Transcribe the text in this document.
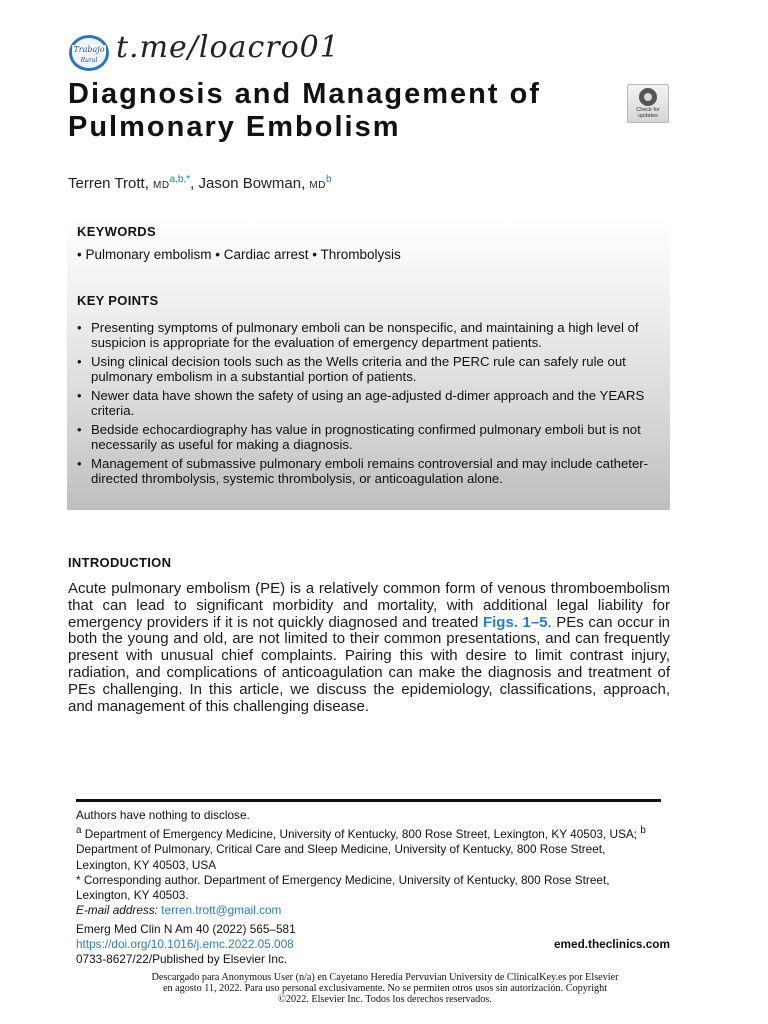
Trabajo
Rural t.me/loacro01
Diagnosis and Management of Pulmonary Embolism
Check for updates
Terren Trott, $MD^{a,b,*}$, Jason Bowman, $MD^b$
KEYWORDS
• Pulmonary embolism • Cardiac arrest • Thrombolysis
KEY POINTS
• Presenting symptoms of pulmonary emboli can be nonspecific, and maintaining a high level of suspicion is appropriate for the evaluation of emergency department patients.
• Using clinical decision tools such as the Wells criteria and the PERC rule can safely rule out pulmonary embolism in a substantial portion of patients.
• Newer data have shown the safety of using an age-adjusted d-dimer approach and the YEARS criteria.
• Bedside echocardiography has value in prognosticating confirmed pulmonary emboli but is not necessarily as useful for making a diagnosis.
• Management of submassive pulmonary emboli remains controversial and may include catheter-directed thrombolysis, systemic thrombolysis, or anticoagulation alone.
INTRODUCTION
Acute pulmonary embolism (PE) is a relatively common form of venous thromboembolism that can lead to significant morbidity and mortality, with additional legal liability for emergency providers if it is not quickly diagnosed and treated Figs. 1–5. PEs can occur in both the young and old, are not limited to their common presentations, and can frequently present with unusual chief complaints. Pairing this with desire to limit contrast injury, radiation, and complications of anticoagulation can make the diagnosis and treatment of PEs challenging. In this article, we discuss the epidemiology, classifications, approach, and management of this challenging disease.

Authors have nothing to disclose.

$^a$ Department of Emergency Medicine, University of Kentucky, 800 Rose Street, Lexington, KY 40503, USA; $^b$ Department of Pulmonary, Critical Care and Sleep Medicine, University of Kentucky, 800 Rose Street, Lexington, KY 40503, USA

* Corresponding author. Department of Emergency Medicine, University of Kentucky, 800 Rose Street, Lexington, KY 40503.

E-mail address: terren.trott@gmail.com

Emerg Med Clin N Am 40 (2022) 565–581
https://doi.org/10.1016/j.emc.2022.05.008
0733-8627/22/Published by Elsevier Inc.
emed.theclinics.com
Descargado para Anonymous User (n/a) en Cayetano Heredia Pervuvian University de ClinicalKey.es por Elsevier en agosto 11, 2022. Para uso personal exclusivamente. No se permiten otros usos sin autorización. Copyright ©2022. Elsevier Inc. Todos los derechos reservados.
